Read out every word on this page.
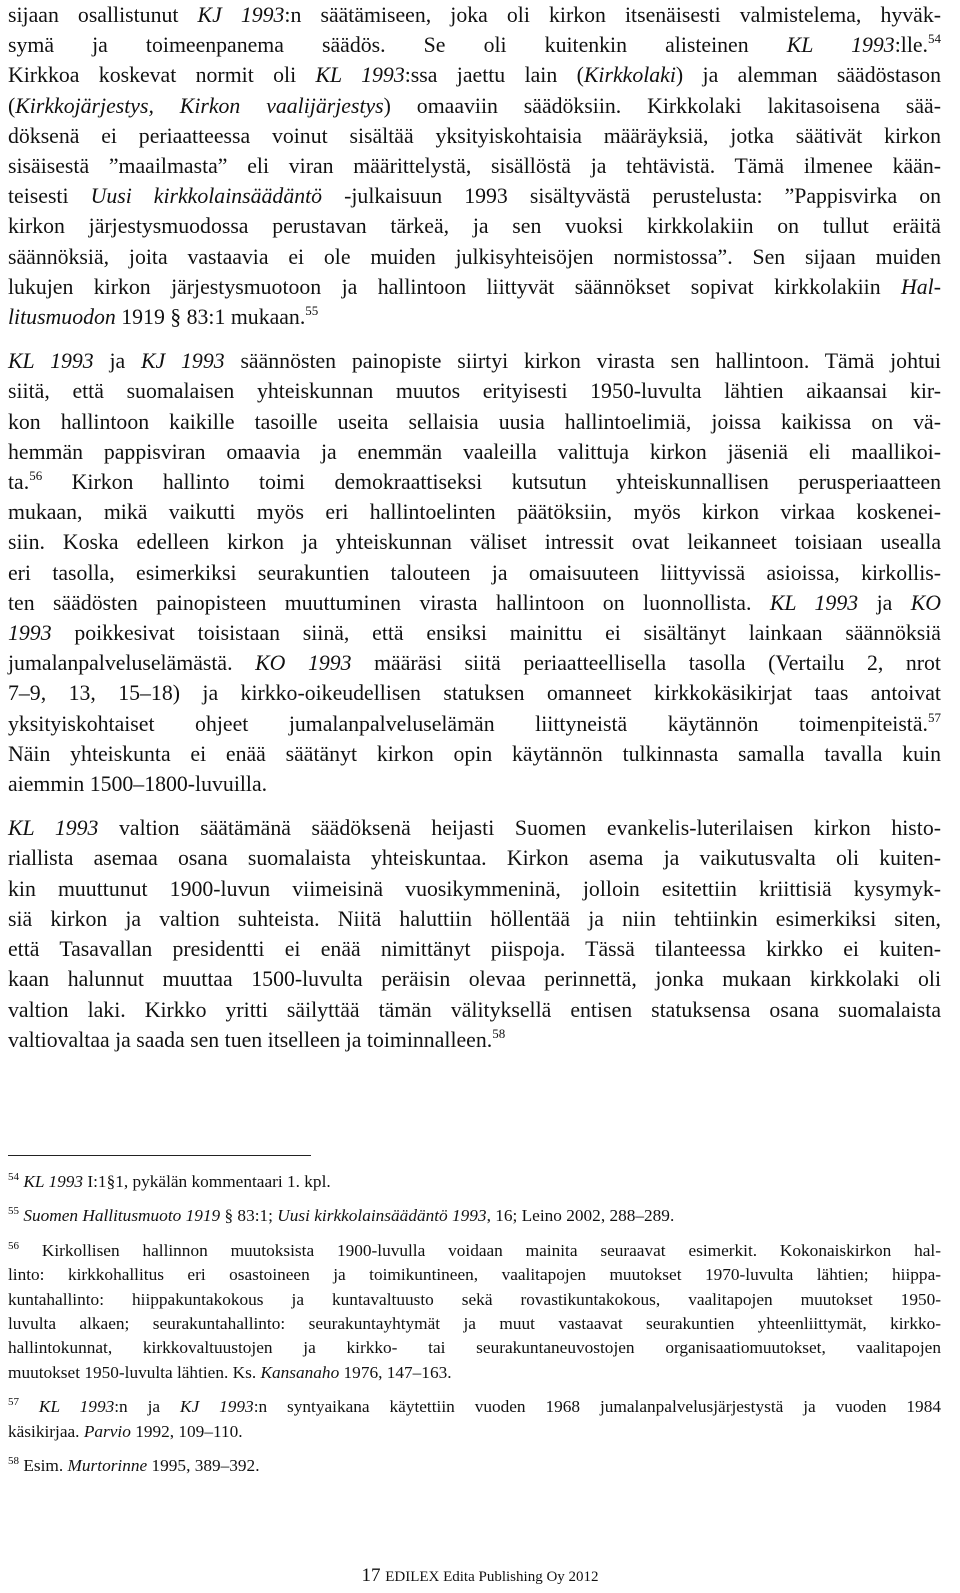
sijaan osallistunut KJ 1993:n säätämiseen, joka oli kirkon itsenäisesti valmistelema, hyväk-
symä ja toimeenpanema säädös. Se oli kuitenkin alisteinen KL 1993:lle.$^{54}$
Kirkkoa koskevat normit oli KL 1993:ssa jaettu lain (Kirkkolaki) ja alemman säädöstason
(Kirkkojärjestys, Kirkon vaalijärjestys) omaaviin säädöksiin. Kirkkolaki lakitasoisena sää-
döksenä ei periaatteessa voinut sisältää yksityiskohtaisia määräyksiä, jotka säätivät kirkon
sisäisestä ”maailmasta” eli viran määrittelystä, sisällöstä ja tehtävistä. Tämä ilmenee kään-
teisesti Uusi kirkkolainsäädäntö -julkaisuun 1993 sisältyvästä perustelusta: ”Pappisvirka on
kirkon järjestysmuodossa perustavan tärkeä, ja sen vuoksi kirkkolakiin on tullut eräitä
säännöksiä, joita vastaavia ei ole muiden julkisyhteisöjen normistossa”. Sen sijaan muiden
lukujen kirkon järjestysmuotoon ja hallintoon liittyvät säännökset sopivat kirkkolakiin Hal-
litusmuodon 1919 § 83:1 mukaan.$^{55}$
KL 1993 ja KJ 1993 säännösten painopiste siirtyi kirkon virasta sen hallintoon. Tämä johtui
siitä, että suomalaisen yhteiskunnan muutos erityisesti 1950-luvulta lähtien aikaansai kir-
kon hallintoon kaikille tasoille useita sellaisia uusia hallintoelimiä, joissa kaikissa on vä-
hemmän pappisviran omaavia ja enemmän vaaleilla valittuja kirkon jäseniä eli maallikoi-
ta.$^{56}$ Kirkon hallinto toimi demokraattiseksi kutsutun yhteiskunnallisen perusperiaatteen
mukaan, mikä vaikutti myös eri hallintoelinten päätöksiin, myös kirkon virkaa koskenei-
siin. Koska edelleen kirkon ja yhteiskunnan väliset intressit ovat leikanneet toisiaan usealla
eri tasolla, esimerkiksi seurakuntien talouteen ja omaisuuteen liittyvissä asioissa, kirkollis-
ten säädösten painopisteen muuttuminen virasta hallintoon on luonnollista. KL 1993 ja KO
1993 poikkesivat toisistaan siinä, että ensiksi mainittu ei sisältänyt lainkaan säännöksiä
jumalanpalveluselämästä. KO 1993 määräsi siitä periaatteellisella tasolla (Vertailu 2, nrot
7–9, 13, 15–18) ja kirkko-oikeudellisen statuksen omanneet kirkkokäsikirjat taas antoivat
yksityiskohtaiset ohjeet jumalanpalveluselämän liittyneistä käytännön toimenpiteistä.$^{57}$
Näin yhteiskunta ei enää säätänyt kirkon opin käytännön tulkinnasta samalla tavalla kuin
aiemmin 1500–1800-luvuilla.
KL 1993 valtion säätämänä säädöksenä heijasti Suomen evankelis-luterilaisen kirkon histo-
riallista asemaa osana suomalaista yhteiskuntaa. Kirkon asema ja vaikutusvalta oli kuiten-
kin muuttunut 1900-luvun viimeisinä vuosikymmeninä, jolloin esitettiin kriittisiä kysymyk-
siä kirkon ja valtion suhteista. Niitä haluttiin höllentää ja niin tehtiinkin esimerkiksi siten,
että Tasavallan presidentti ei enää nimittänyt piispoja. Tässä tilanteessa kirkko ei kuiten-
kaan halunnut muuttaa 1500-luvulta peräisin olevaa perinnettä, jonka mukaan kirkkolaki oli
valtion laki. Kirkko yritti säilyttää tämän välityksellä entisen statuksensa osana suomalaista
valtiovaltaa ja saada sen tuen itselleen ja toiminnalleen.$^{58}$
$^{54}$ KL 1993 I:1§1, pykälän kommentaari 1. kpl.
$^{55}$ Suomen Hallitusmuoto 1919 § 83:1; Uusi kirkkolainsäädäntö 1993, 16; Leino 2002, 288–289.
$^{56}$ Kirkollisen hallinnon muutoksista 1900-luvulla voidaan mainita seuraavat esimerkit. Kokonaiskirkon hal-
linto: kirkkohallitus eri osastoineen ja toimikuntineen, vaalitapojen muutokset 1970-luvulta lähtien; hiippa-
kuntahallinto: hiippakuntakokous ja kuntavaltuusto sekä rovastikuntakokous, vaalitapojen muutokset 1950-
luvulta alkaen; seurakuntahallinto: seurakuntayhtymät ja muut vastaavat seurakuntien yhteenliittymät, kirkko-
hallintokunnat, kirkkovaltuustojen ja kirkko- tai seurakuntaneuvostojen organisaatiomuutokset, vaalitapojen
muutokset 1950-luvulta lähtien. Ks. Kansanaho 1976, 147–163.
$^{57}$ KL 1993:n ja KJ 1993:n syntyaikana käytettiin vuoden 1968 jumalanpalvelusjärjestystä ja vuoden 1984
käsikirjaa. Parvio 1992, 109–110.
$^{58}$ Esim. Murtorinne 1995, 389–392.
17 EDILEX Edita Publishing Oy 2012
